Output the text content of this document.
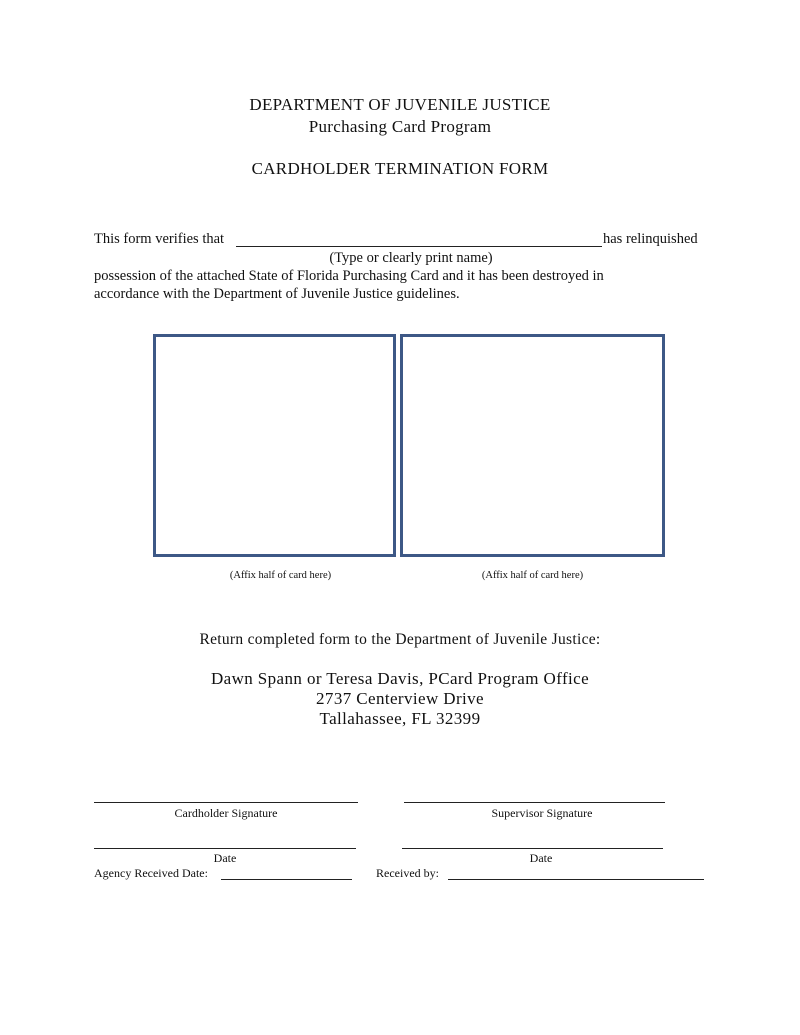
DEPARTMENT OF JUVENILE JUSTICE
Purchasing Card Program
CARDHOLDER TERMINATION FORM
This form verifies that	has relinquished
(Type or clearly print name)
possession of the attached State of Florida Purchasing Card and it has been destroyed in
accordance with the Department of Juvenile Justice guidelines.
(Affix half of card here)	(Affix half of card here)
Return completed form to the Department of Juvenile Justice:
Dawn Spann or Teresa Davis, PCard Program Office
2737 Centerview Drive
Tallahassee, FL 32399
Cardholder Signature	Supervisor Signature
Date	Date
Agency Received Date:	Received by:
